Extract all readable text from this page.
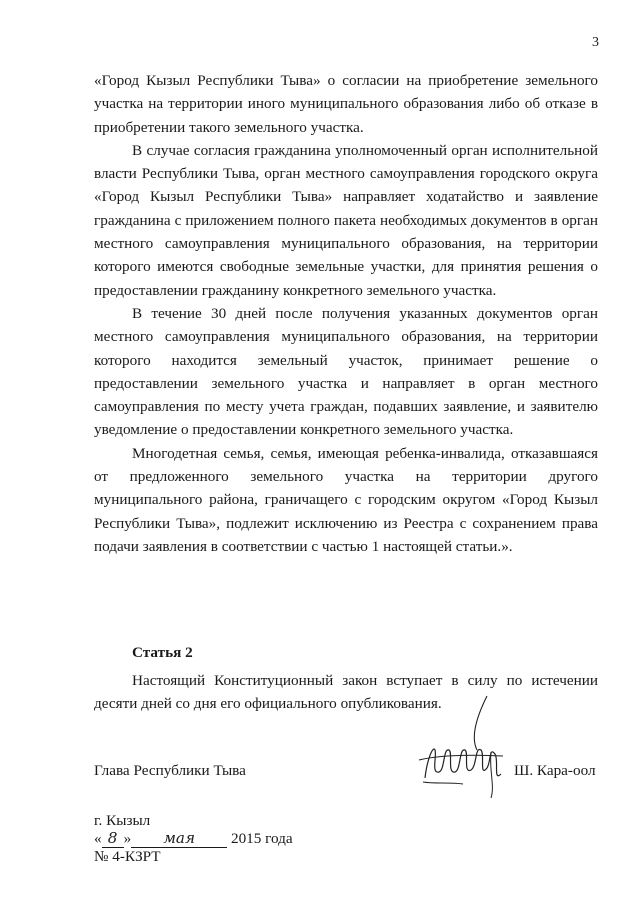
3

«Город Кызыл Республики Тыва» о согласии на приобретение земельного участка на территории иного муниципального образования либо об отказе в приобретении такого земельного участка.

В случае согласия гражданина уполномоченный орган исполнительной власти Республики Тыва, орган местного самоуправления городского округа «Город Кызыл Республики Тыва» направляет ходатайство и заявление гражданина с приложением полного пакета необходимых документов в орган местного самоуправления муниципального образования, на территории которого имеются свободные земельные участки, для принятия решения о предоставлении гражданину конкретного земельного участка.

В течение 30 дней после получения указанных документов орган местного самоуправления муниципального образования, на территории которого находится земельный участок, принимает решение о предоставлении земельного участка и направляет в орган местного самоуправления по месту учета граждан, подавших заявление, и заявителю уведомление о предоставлении конкретного земельного участка.

Многодетная семья, семья, имеющая ребенка-инвалида, отказавшаяся от предложенного земельного участка на территории другого муниципального района, граничащего с городским округом «Город Кызыл Республики Тыва», подлежит исключению из Реестра с сохранением права подачи заявления в соответствии с частью 1 настоящей статьи.».

Статья 2

Настоящий Конституционный закон вступает в силу по истечении десяти дней со дня его официального опубликования.

Глава Республики Тыва	Ш. Кара-оол
г. Кызыл
« 8 » мая 2015 года
№ 4-КЗРТ
